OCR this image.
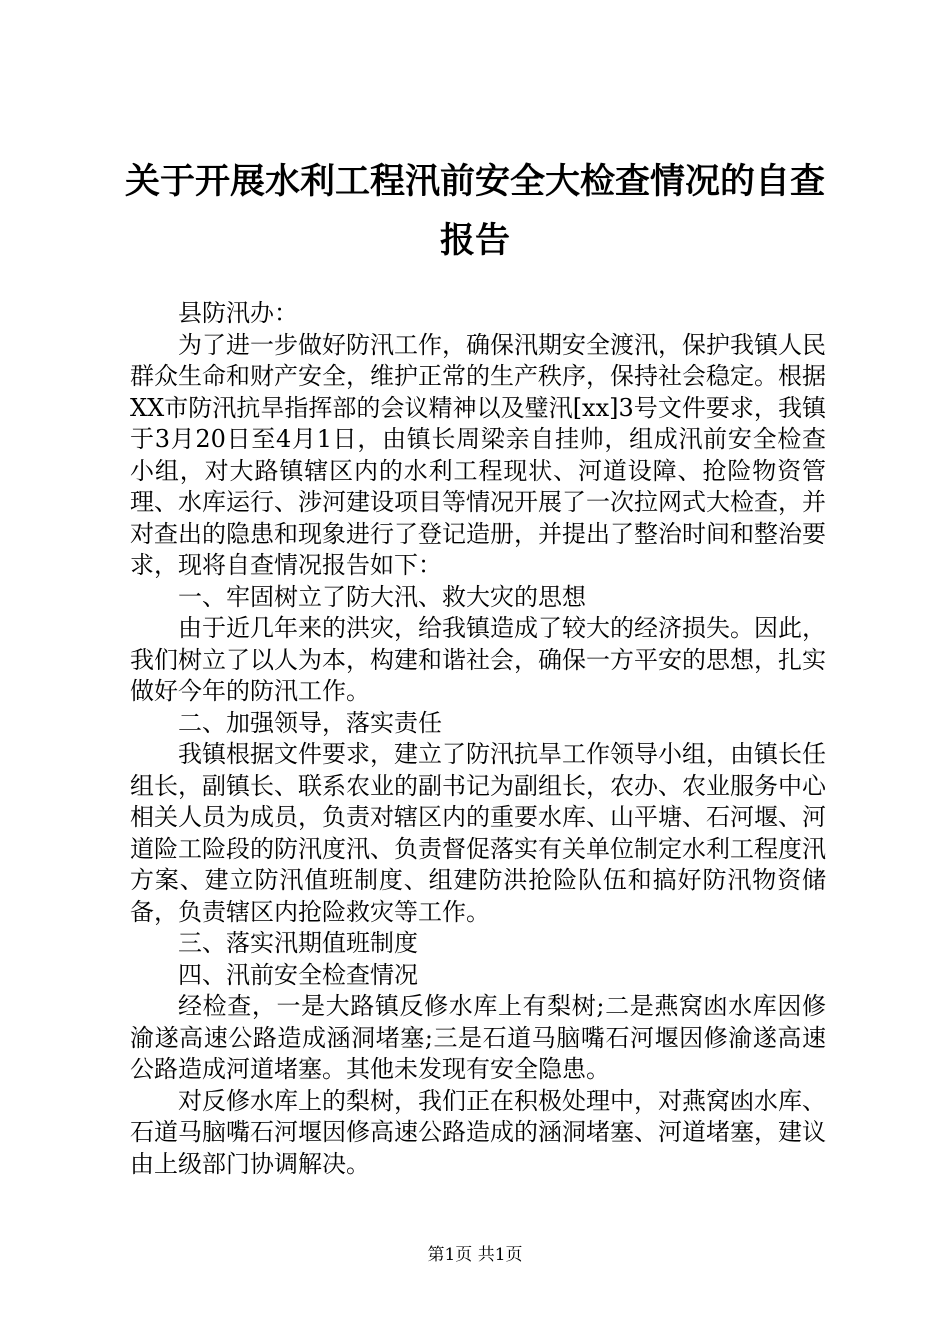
关于开展水利工程汛前安全大检查情况的自查
报告

县防汛办：

为了进一步做好防汛工作，确保汛期安全渡汛，保护我镇人民群众生命和财产安全，维护正常的生产秩序，保持社会稳定。根据XX市防汛抗旱指挥部的会议精神以及璧汛[xx]3号文件要求，我镇于3月20日至4月1日，由镇长周梁亲自挂帅，组成汛前安全检查小组，对大路镇辖区内的水利工程现状、河道设障、抢险物资管理、水库运行、涉河建设项目等情况开展了一次拉网式大检查，并对查出的隐患和现象进行了登记造册，并提出了整治时间和整治要求，现将自查情况报告如下：

一、牢固树立了防大汛、救大灾的思想

由于近几年来的洪灾，给我镇造成了较大的经济损失。因此，我们树立了以人为本，构建和谐社会，确保一方平安的思想，扎实做好今年的防汛工作。

二、加强领导，落实责任

我镇根据文件要求，建立了防汛抗旱工作领导小组，由镇长任组长，副镇长、联系农业的副书记为副组长，农办、农业服务中心相关人员为成员，负责对辖区内的重要水库、山平塘、石河堰、河道险工险段的防汛度汛、负责督促落实有关单位制定水利工程度汛方案、建立防汛值班制度、组建防洪抢险队伍和搞好防汛物资储备，负责辖区内抢险救灾等工作。

三、落实汛期值班制度

四、汛前安全检查情况

经检查，一是大路镇反修水库上有梨树;二是燕窝凼水库因修渝遂高速公路造成涵洞堵塞;三是石道马脑嘴石河堰因修渝遂高速公路造成河道堵塞。其他未发现有安全隐患。

对反修水库上的梨树，我们正在积极处理中，对燕窝凼水库、石道马脑嘴石河堰因修高速公路造成的涵洞堵塞、河道堵塞，建议由上级部门协调解决。

第1页 共1页
